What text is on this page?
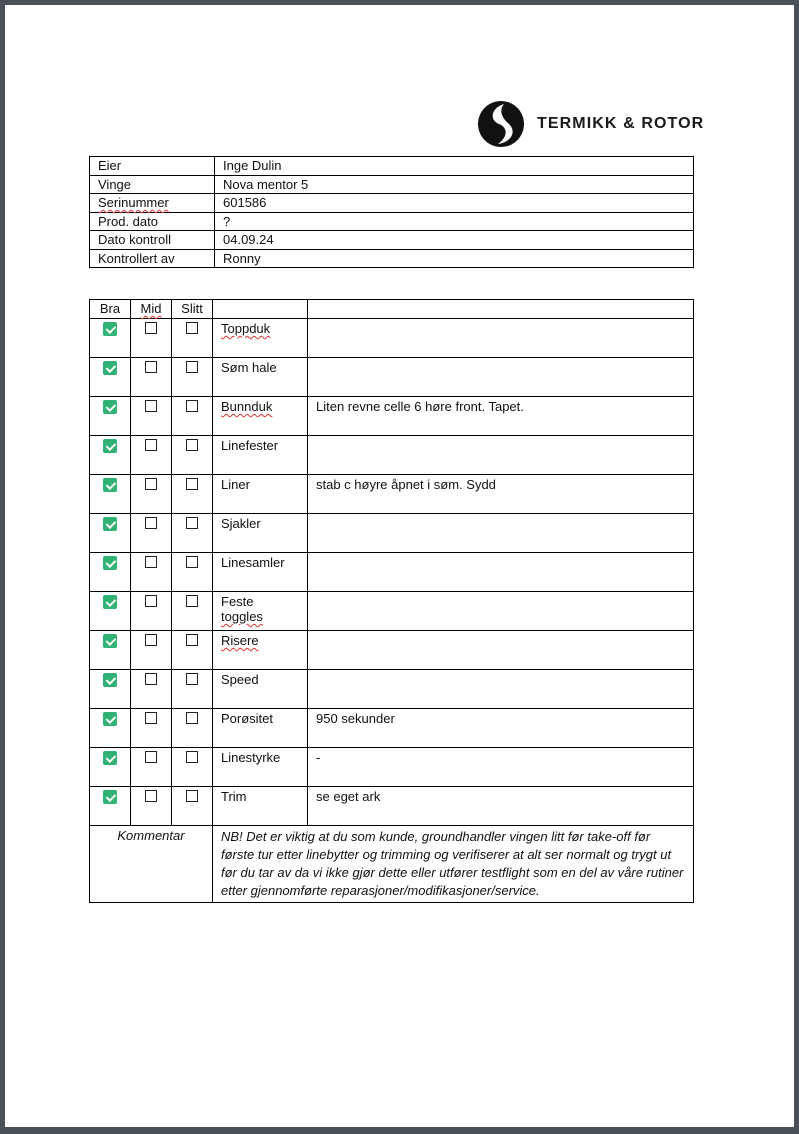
TERMIKK & ROTOR
Eier	Inge Dulin
Vinge	Nova mentor 5
Serinummer	601586
Prod. dato	?
Dato kontroll	04.09.24
Kontrollert av	Ronny
Bra	Mid	Slitt		
			Toppduk	
			Søm hale	
			Bunnduk	Liten revne celle 6 høre front. Tapet.
			Linefester	
			Liner	stab c høyre åpnet i søm. Sydd
			Sjakler	
			Linesamler	
			Feste toggles	
			Risere	
			Speed	
			Porøsitet	950 sekunder
			Linestyrke	-
			Trim	se eget ark
Kommentar			NB! Det er viktig at du som kunde, groundhandler vingen litt før take-off før første tur etter linebytter og trimming og verifiserer at alt ser normalt og trygt ut før du tar av da vi ikke gjør dette eller utfører testflight som en del av våre rutiner etter gjennomførte reparasjoner/modifikasjoner/service.	
